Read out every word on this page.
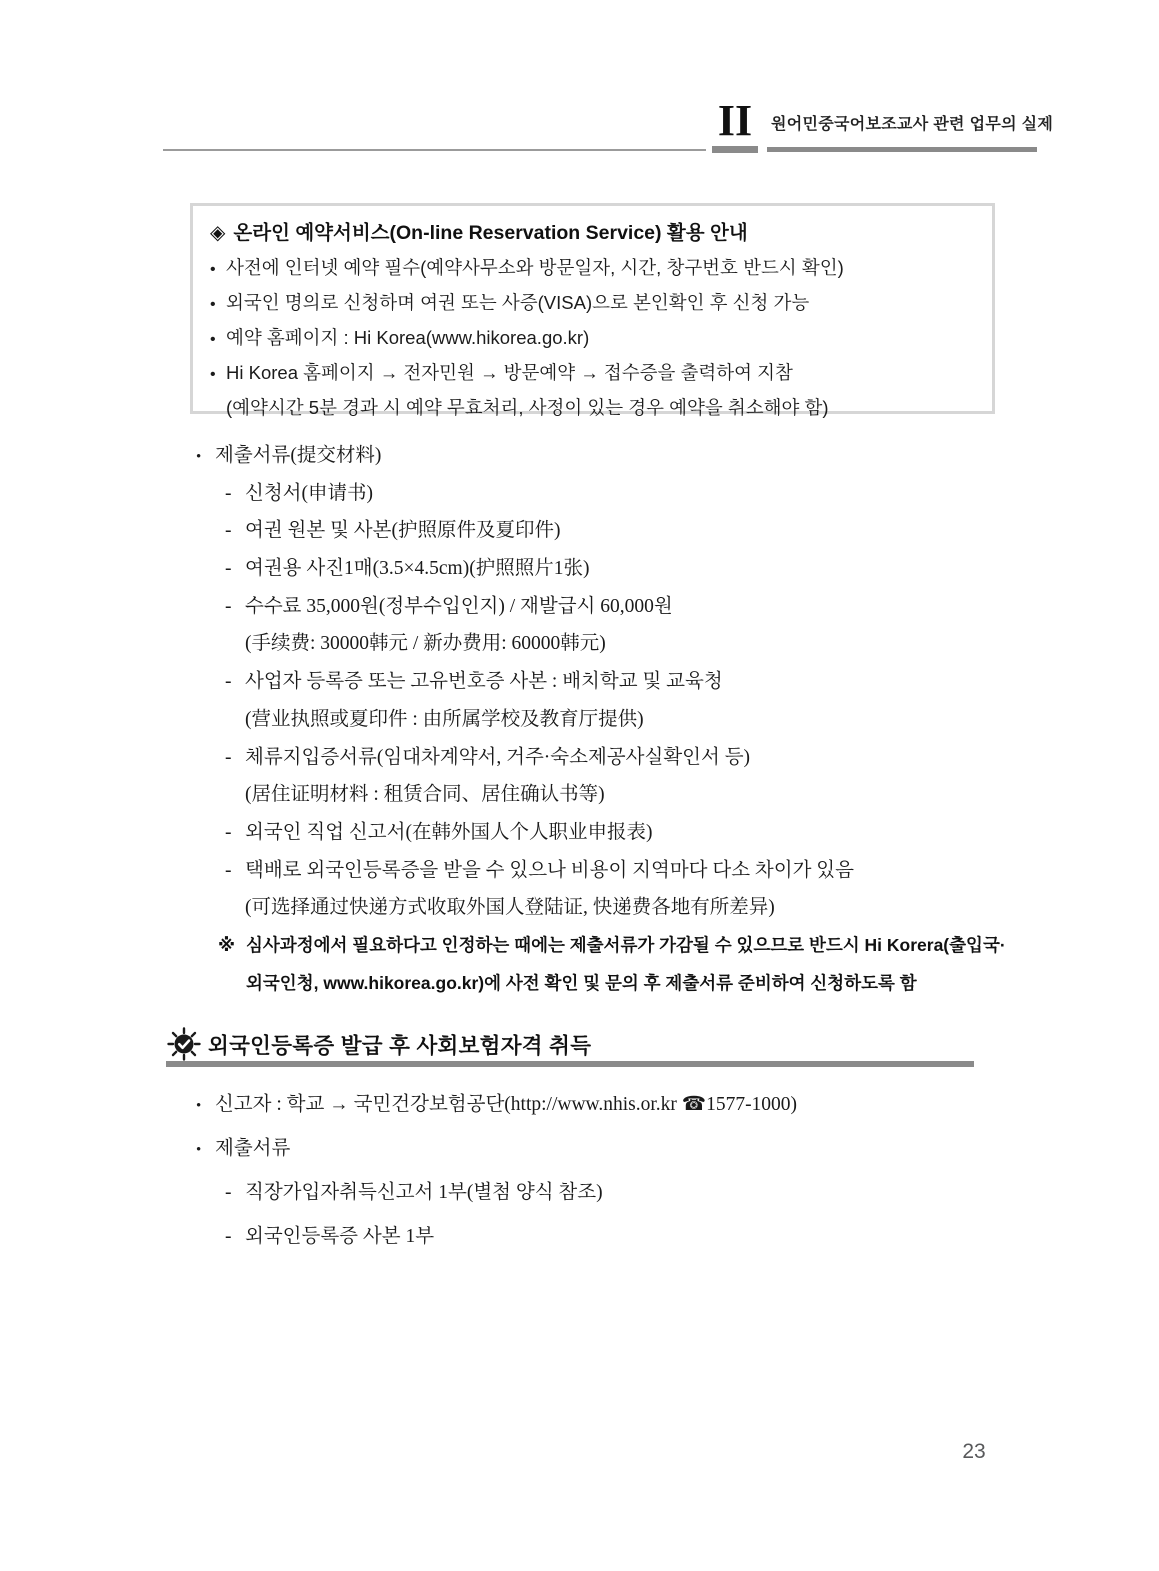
II	원어민중국어보조교사 관련 업무의 실제
◈ 온라인 예약서비스(On-line Reservation Service) 활용 안내
• 사전에 인터넷 예약 필수(예약사무소와 방문일자, 시간, 창구번호 반드시 확인)
• 외국인 명의로 신청하며 여권 또는 사증(VISA)으로 본인확인 후 신청 가능
• 예약 홈페이지 : Hi Korea(www.hikorea.go.kr)
• Hi Korea 홈페이지 → 전자민원 → 방문예약 → 접수증을 출력하여 지참
(예약시간 5분 경과 시 예약 무효처리, 사정이 있는 경우 예약을 취소해야 함)
• 제출서류(提交材料)
- 신청서(申请书)
- 여권 원본 및 사본(护照原件及夏印件)
- 여권용 사진1매(3.5×4.5cm)(护照照片1张)
- 수수료 35,000원(정부수입인지) / 재발급시 60,000원
(手续费: 30000韩元 / 新办费用: 60000韩元)
- 사업자 등록증 또는 고유번호증 사본 : 배치학교 및 교육청
(营业执照或夏印件 : 由所属学校及教育厅提供)
- 체류지입증서류(임대차계약서, 거주·숙소제공사실확인서 등)
(居住证明材料 : 租赁合同、居住确认书等)
- 외국인 직업 신고서(在韩外国人个人职业申报表)
- 택배로 외국인등록증을 받을 수 있으나 비용이 지역마다 다소 차이가 있음
(可选择通过快递方式收取外国人登陆证, 快递费各地有所差异)
※ 심사과정에서 필요하다고 인정하는 때에는 제출서류가 가감될 수 있으므로 반드시 Hi Korera(출입국· 외국인청, www.hikorea.go.kr)에 사전 확인 및 문의 후 제출서류 준비하여 신청하도록 함
외국인등록증 발급 후 사회보험자격 취득
• 신고자 : 학교 → 국민건강보험공단(http://www.nhis.or.kr ☎1577-1000)
• 제출서류
- 직장가입자취득신고서 1부(별첨 양식 참조)
- 외국인등록증 사본 1부
23
